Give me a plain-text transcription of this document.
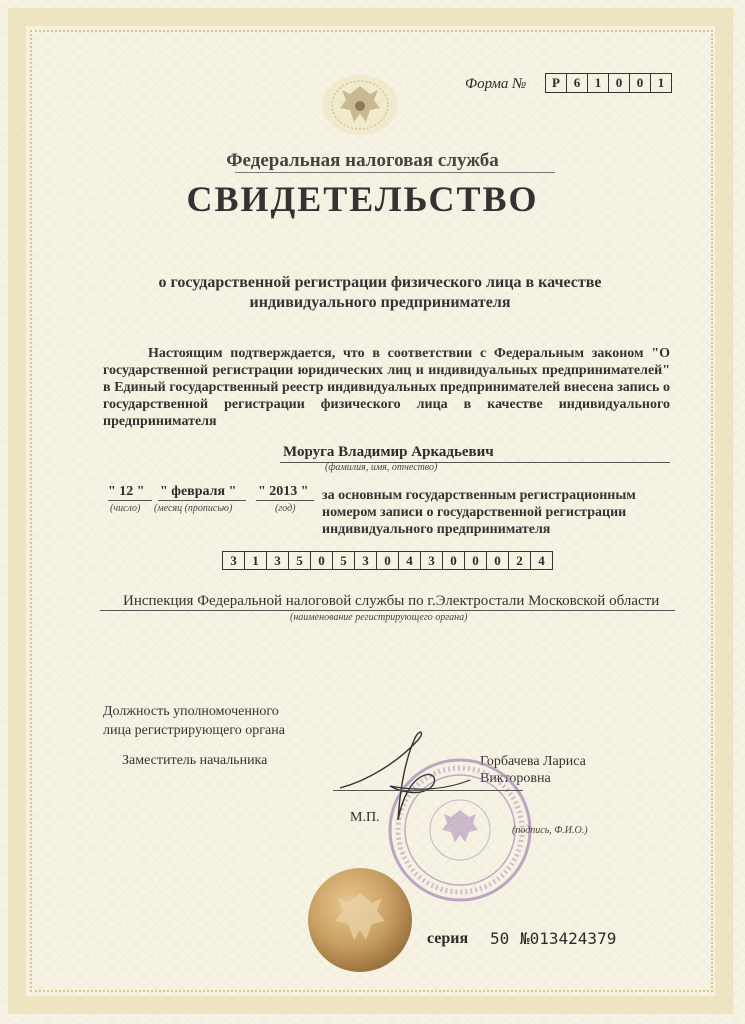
Форма №	Р	6	1	0	0	1
Федеральная налоговая служба
СВИДЕТЕЛЬСТВО
о государственной регистрации физического лица в качестве
индивидуального предпринимателя
Настоящим подтверждается, что в соответствии с Федеральным законом "О государственной регистрации юридических лиц и индивидуальных предпринимателей" в Единый государственный реестр индивидуальных предпринимателей внесена запись о государственной регистрации физического лица в качестве индивидуального предпринимателя
Моруга Владимир Аркадьевич
(фамилия, имя, отчество)
" 12 "
(число)
" февраля "
(месяц (прописью)
" 2013 "
(год)
за основным государственным регистрационным номером записи о государственной регистрации индивидуального предпринимателя
3	1	3	5	0	5	3	0	4	3	0	0	0	2	4
Инспекция Федеральной налоговой службы по г.Электростали Московской области
(наименование регистрирующего органа)
Должность уполномоченного
лица регистрирующего органа
Заместитель начальника	Горбачева Лариса
Викторовна
М.П.
(подпись, Ф.И.О.)
серия 50 №013424379
